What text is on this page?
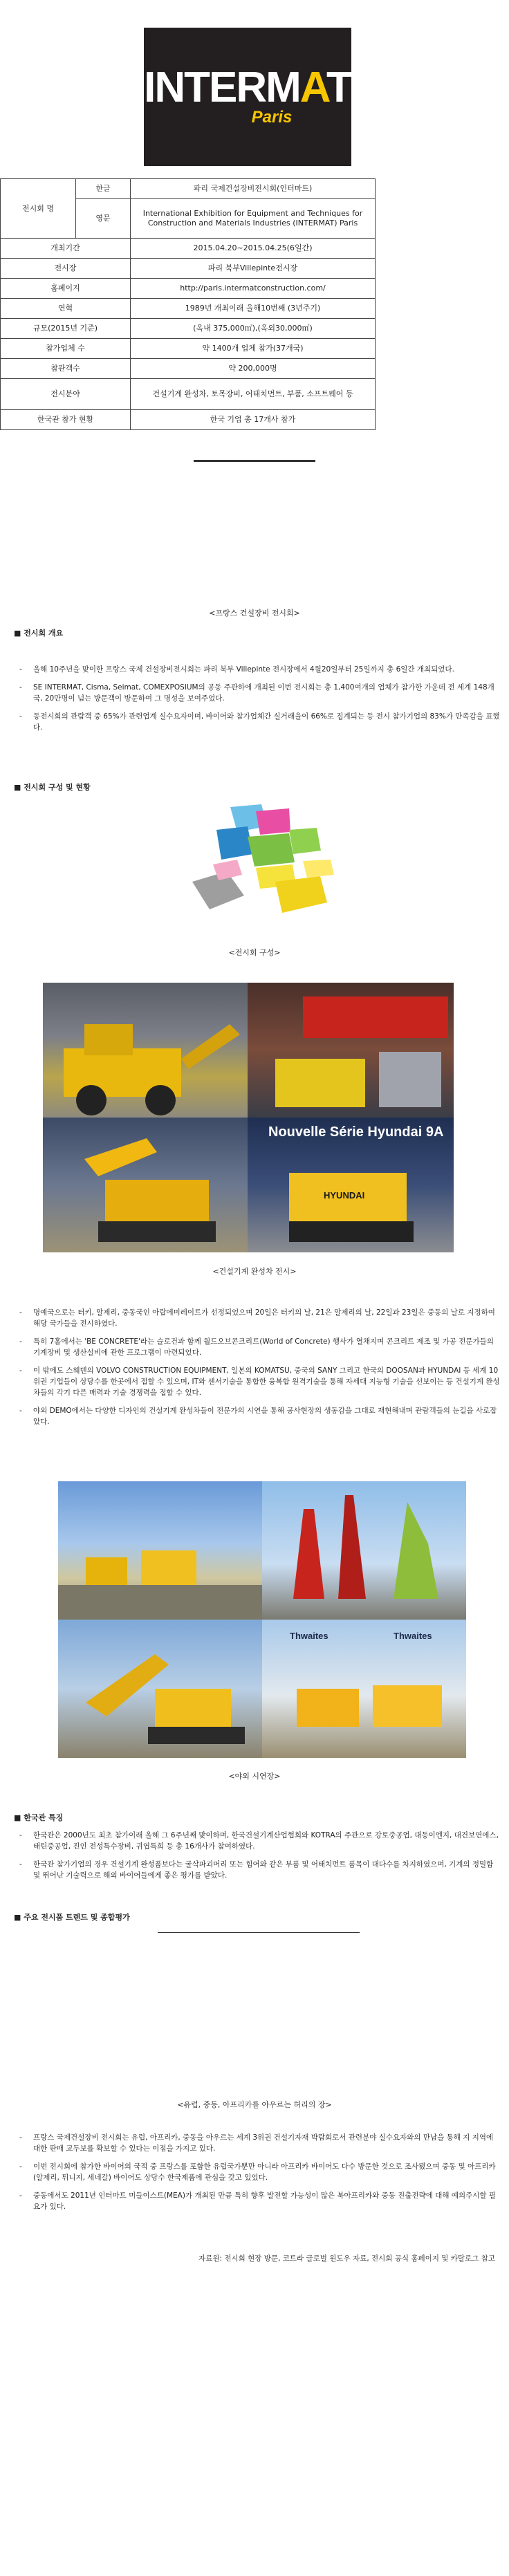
INTERMAT
Paris
전시회 명	한글	파리 국제건설장비전시회(인터마트)
	영문	International Exhibition for Equipment and Techniques for Construction and Materials Industries (INTERMAT) Paris
개최기간		2015.04.20~2015.04.25(6일간)
전시장		파리 북부Villepinte전시장
홈페이지		http://paris.intermatconstruction.com/
연혁		1989년 개최이래 올해10번째 (3년주기)
규모(2015년 기준)		(옥내 375,000㎡),(옥외30,000㎡)
참가업체 수		약 1400개 업체 참가(37개국)
참관객수		약 200,000명
전시분야		건설기계 완성차, 토목장비, 어태치먼트, 부품, 소프트웨어 등
한국관 참가 현황		한국 기업 총 17개사 참가
<프랑스 건설장비 전시회>
■ 전시회 개요
- 올해 10주년을 맞이한 프랑스 국제 건설장비전시회는 파리 북부 Villepinte 전시장에서 4월20일부터 25일까지 총 6일간 개최되었다.
- SE INTERMAT, Cisma, Seimat, COMEXPOSIUM의 공동 주관하에 개최된 이번 전시회는 총 1,400여개의 업체가 참가한 가운데 전 세계 148개국, 20만명이 넘는 방문객이 방문하여 그 명성을 보여주었다.
- 동전시회의 관람객 중 65%가 관련업계 실수요자이며, 바이어와 참가업체간 실거래율이 66%로 집계되는 등 전시 참가기업의 83%가 만족감을 표했다.
■ 전시회 구성 및 현황
<전시회 구성>
Nouvelle Série Hyundai 9A
HYUNDAI
<건설기계 완성차 전시>
- 명예국으로는 터키, 알제리, 중동국인 아랍에미레이트가 선정되었으며 20일은 터키의 날, 21은 알제리의 날, 22일과 23일은 중동의 날로 지정하여 해당 국가들을 전시하였다.
- 특히 7홀에서는 'BE CONCRETE'라는 슬로건과 함께 월드오브콘크리트(World of Concrete) 행사가 열채지며 콘크리트 제조 및 가공 전문가들의 기계장비 및 생산설비에 관한 프로그램이 마련되었다.
- 이 밖에도 스웨덴의 VOLVO CONSTRUCTION EQUIPMENT, 일본의 KOMATSU, 중국의 SANY 그리고 한국의 DOOSAN과 HYUNDAI 등 세계 10위권 기업들이 상당수를 한곳에서 접할 수 있으며, IT와 센서기술을 통합한 융복합 원격기술을 통해 자세대 지능형 기술을 선보이는 등 건설기계 완성차들의 각기 다른 매력과 기술 경쟁력을 접할 수 있다.
- 야외 DEMO에서는 다양한 디자인의 건설기계 완성차들이 전문가의 시연을 통해 공사현장의 생동감을 그대로 재현해내며 관람객들의 눈길을 사로잡았다.
Thwaites	Thwaites
<야외 시연장>
■ 한국관 특징
- 한국관은 2000년도 최초 참가이래 올해 그 6주년째 맞이하며, 한국건설기계산업협회와 KOTRA의 주관으로 강토중공업, 대동이엔지, 대건보연에스, 태틴중공업, 진인 전성특수장비, 귀엽특희 등 총 16개사가 참여하였다.
- 한국관 참가기업의 경우 건설기계 완성품보다는 굴삭파괴머리 또는 힘어와 같은 부품 및 어태치먼트 품목이 대다수를 차지하였으며, 기계의 정밀함 및 뛰어난 기술력으로 해외 바이어들에게 좋은 평가를 받았다.
■ 주요 전시품 트렌드 및 종합평가
<유럽, 중동, 아프리카를 아우르는 허리의 장>
- 프랑스 국제건설장비 전시회는 유럽, 아프리카, 중동을 아우르는 세계 3위권 건설기자재 박람회로서 관련분야 실수요자와의 만남을 통해 지 지역에 대한 판매 교두보를 확보할 수 있다는 이점을 가지고 있다.
- 이번 전시회에 참가한 바이어의 국적 중 프랑스를 포함한 유럽국가뿐만 아니라 아프리카 바이어도 다수 방문한 것으로 조사됐으며 중동 및 아프리카(알제리, 튀니지, 세네갈) 바이어도 상당수 한국제품에 관심을 갖고 있었다.
- 중동에서도 2011년 인터마트 미들이스트(MEA)가 개최된 만큼 특히 향후 발전할 가능성이 많은 북아프리카와 중동 진출전략에 대해 예의주시할 필요가 있다.
자료원: 전시회 현장 방문, 코트라 글로벌 윈도우 자료, 전시회 공식 홈페이지 및 카탈로그 참고
